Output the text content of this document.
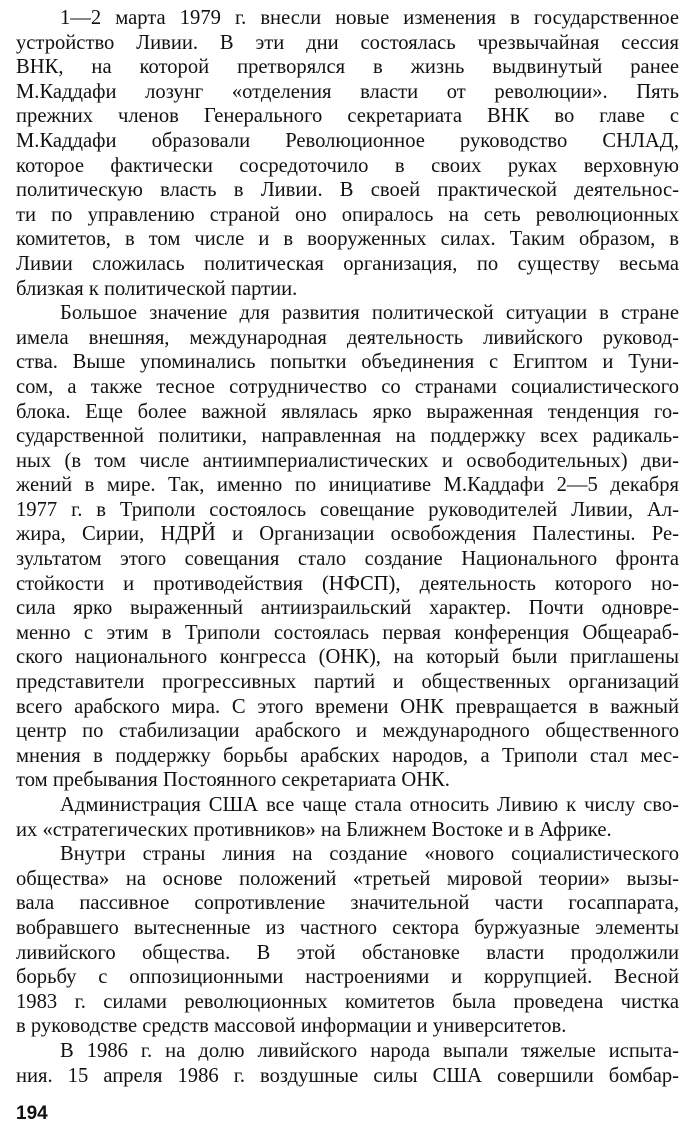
1—2 марта 1979 г. внесли новые изменения в государственное
устройство Ливии. В эти дни состоялась чрезвычайная сессия
ВНК, на которой претворялся в жизнь выдвинутый ранее
М.Каддафи лозунг «отделения власти от революции». Пять
прежних членов Генерального секретариата ВНК во главе с
М.Каддафи образовали Революционное руководство СНЛАД,
которое фактически сосредоточило в своих руках верховную
политическую власть в Ливии. В своей практической деятельнос-
ти по управлению страной оно опиралось на сеть революционных
комитетов, в том числе и в вооруженных силах. Таким образом, в
Ливии сложилась политическая организация, по существу весьма
близкая к политической партии.

Большое значение для развития политической ситуации в стране
имела внешняя, международная деятельность ливийского руковод-
ства. Выше упоминались попытки объединения с Египтом и Туни-
сом, а также тесное сотрудничество со странами социалистического
блока. Еще более важной являлась ярко выраженная тенденция го-
сударственной политики, направленная на поддержку всех радикаль-
ных (в том числе антиимпериалистических и освободительных) дви-
жений в мире. Так, именно по инициативе М.Каддафи 2—5 декабря
1977 г. в Триполи состоялось совещание руководителей Ливии, Ал-
жира, Сирии, НДРЙ и Организации освобождения Палестины. Ре-
зультатом этого совещания стало создание Национального фронта
стойкости и противодействия (НФСП), деятельность которого но-
сила ярко выраженный антиизраильский характер. Почти одновре-
менно с этим в Триполи состоялась первая конференция Общеараб-
ского национального конгресса (ОНК), на который были приглашены
представители прогрессивных партий и общественных организаций
всего арабского мира. С этого времени ОНК превращается в важный
центр по стабилизации арабского и международного общественного
мнения в поддержку борьбы арабских народов, а Триполи стал мес-
том пребывания Постоянного секретариата ОНК.

Администрация США все чаще стала относить Ливию к числу сво-
их «стратегических противников» на Ближнем Востоке и в Африке.

Внутри страны линия на создание «нового социалистического
общества» на основе положений «третьей мировой теории» вызы-
вала пассивное сопротивление значительной части госаппарата,
вобравшего вытесненные из частного сектора буржуазные элементы
ливийского общества. В этой обстановке власти продолжили
борьбу с оппозиционными настроениями и коррупцией. Весной
1983 г. силами революционных комитетов была проведена чистка
в руководстве средств массовой информации и университетов.

В 1986 г. на долю ливийского народа выпали тяжелые испыта-
ния. 15 апреля 1986 г. воздушные силы США совершили бомбар-

194
